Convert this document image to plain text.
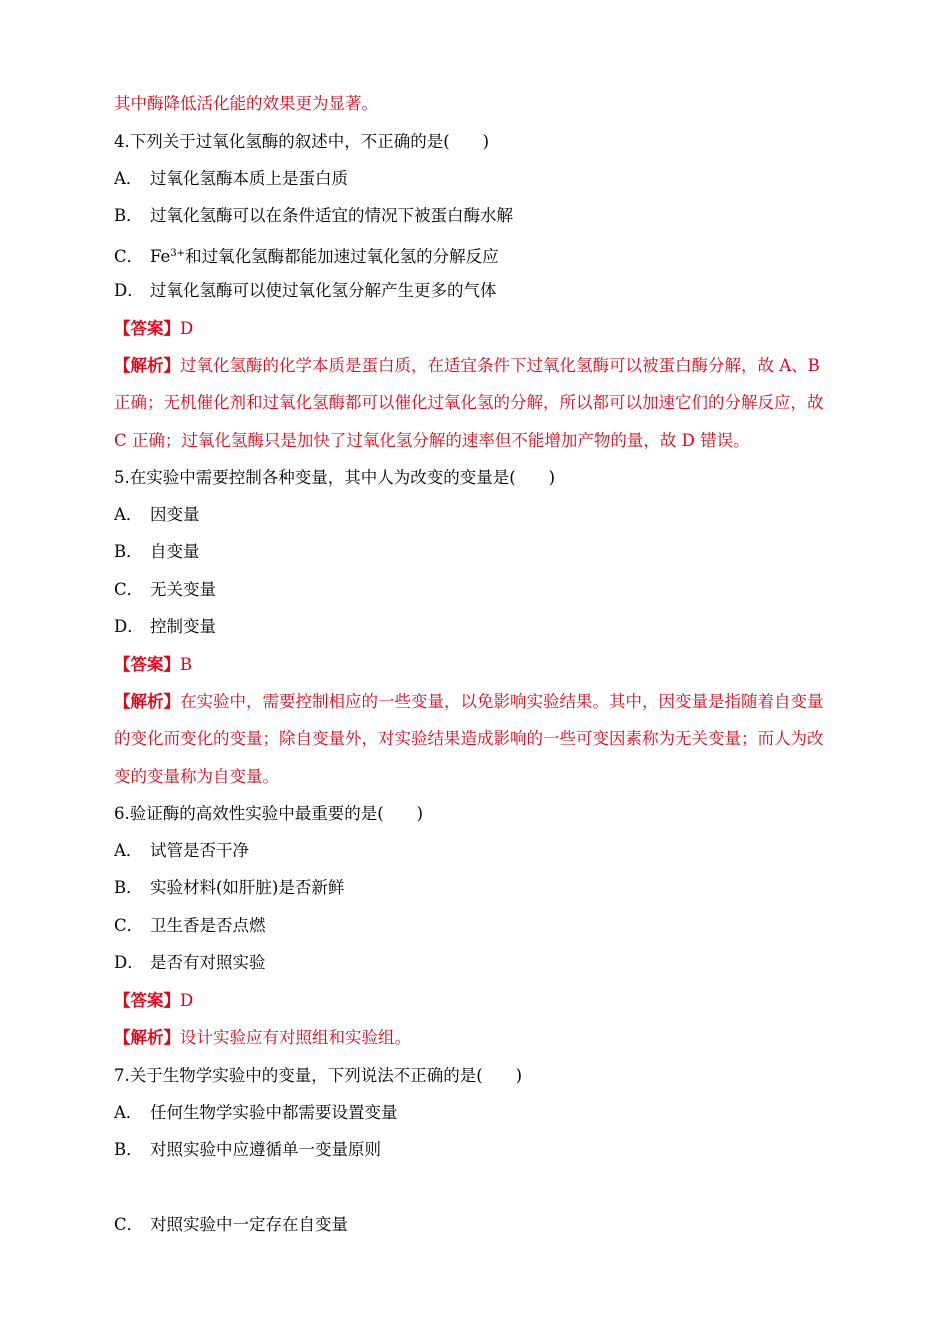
其中酶降低活化能的效果更为显著。
4.下列关于过氧化氢酶的叙述中，不正确的是(　　)
A． 过氧化氢酶本质上是蛋白质
B． 过氧化氢酶可以在条件适宜的情况下被蛋白酶水解
C． $Fe^{3+}$和过氧化氢酶都能加速过氧化氢的分解反应
D． 过氧化氢酶可以使过氧化氢分解产生更多的气体
【答案】D
【解析】过氧化氢酶的化学本质是蛋白质，在适宜条件下过氧化氢酶可以被蛋白酶分解，故 A、B
正确；无机催化剂和过氧化氢酶都可以催化过氧化氢的分解，所以都可以加速它们的分解反应，故
C 正确；过氧化氢酶只是加快了过氧化氢分解的速率但不能增加产物的量，故 D 错误。
5.在实验中需要控制各种变量，其中人为改变的变量是(　　)
A． 因变量
B． 自变量
C． 无关变量
D． 控制变量
【答案】B
【解析】在实验中，需要控制相应的一些变量，以免影响实验结果。其中，因变量是指随着自变量
的变化而变化的变量；除自变量外，对实验结果造成影响的一些可变因素称为无关变量；而人为改
变的变量称为自变量。
6.验证酶的高效性实验中最重要的是(　　)
A． 试管是否干净
B． 实验材料(如肝脏)是否新鲜
C． 卫生香是否点燃
D． 是否有对照实验
【答案】D
【解析】设计实验应有对照组和实验组。
7.关于生物学实验中的变量，下列说法不正确的是(　　)
A． 任何生物学实验中都需要设置变量
B． 对照实验中应遵循单一变量原则
C． 对照实验中一定存在自变量
